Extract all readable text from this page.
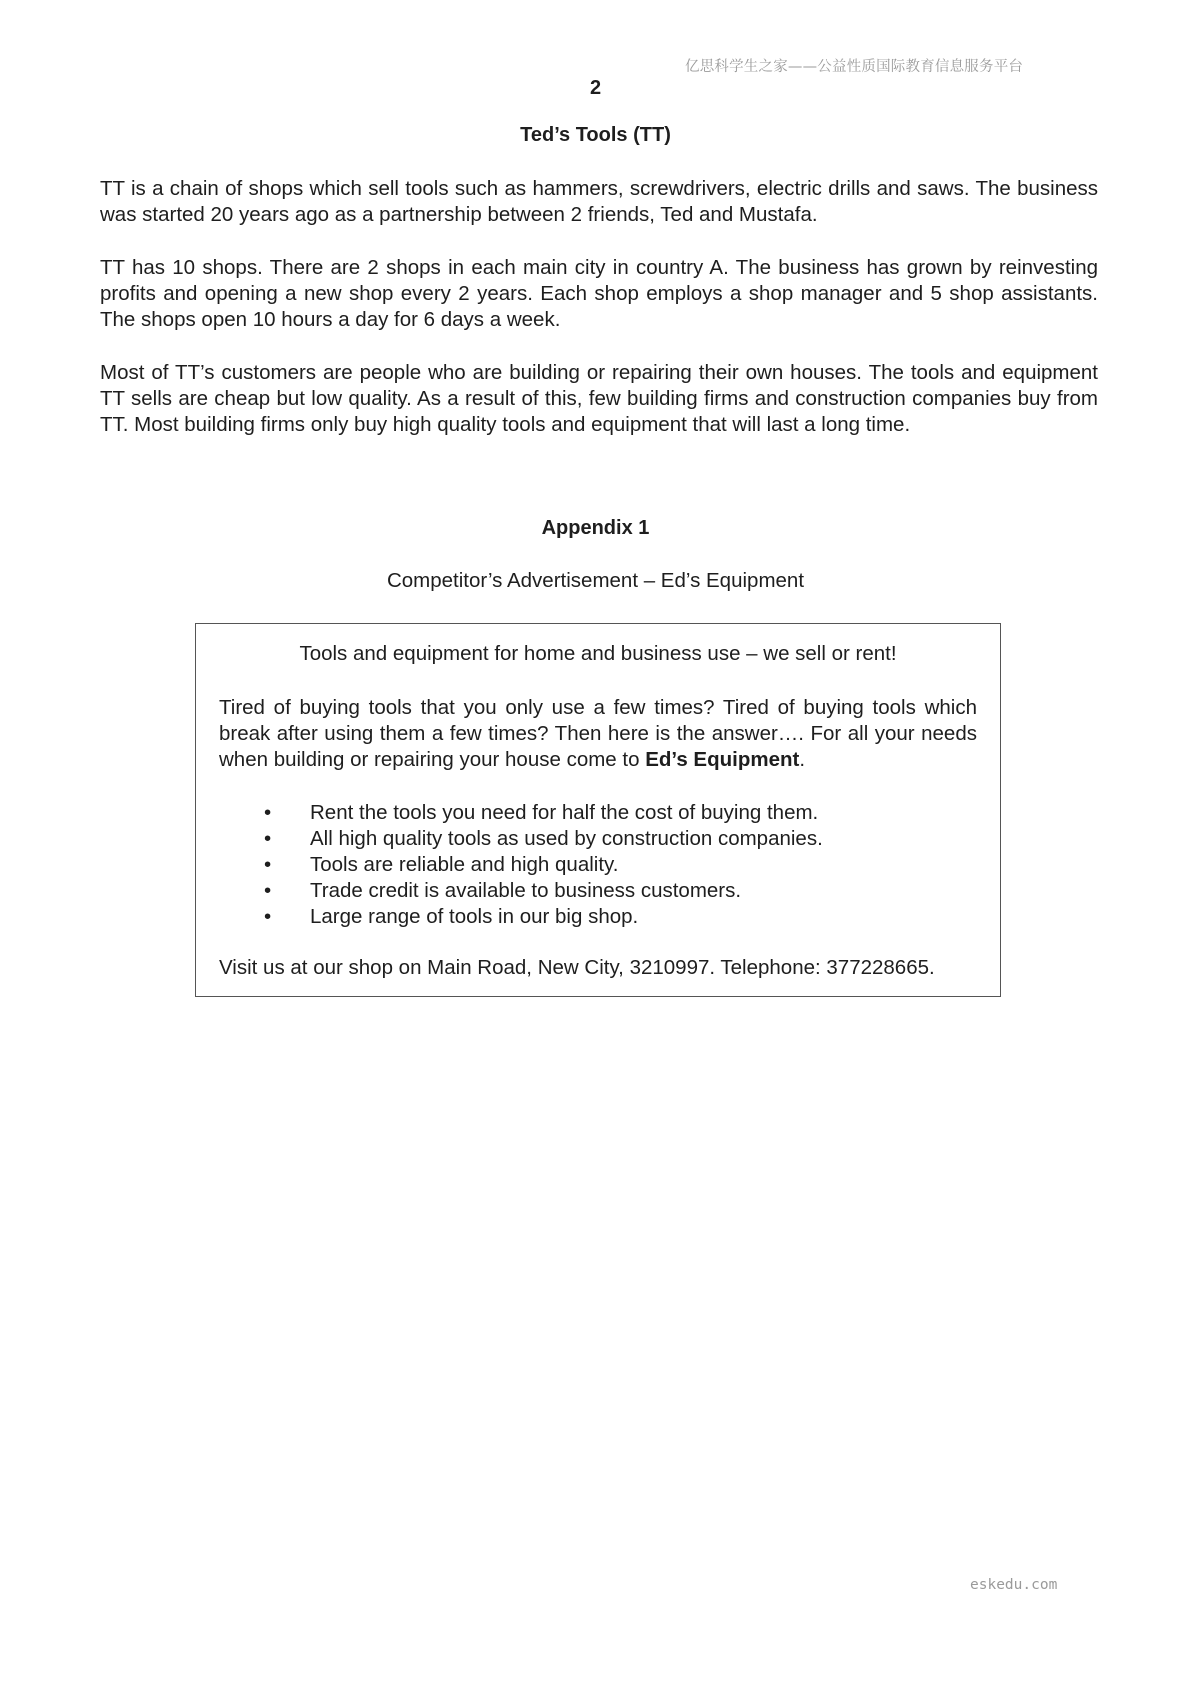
亿思科学生之家——公益性质国际教育信息服务平台
2
Ted’s Tools (TT)

TT is a chain of shops which sell tools such as hammers, screwdrivers, electric drills and saws. The business was started 20 years ago as a partnership between 2 friends, Ted and Mustafa.

TT has 10 shops. There are 2 shops in each main city in country A. The business has grown by reinvesting profits and opening a new shop every 2 years. Each shop employs a shop manager and 5 shop assistants. The shops open 10 hours a day for 6 days a week.

Most of TT’s customers are people who are building or repairing their own houses. The tools and equipment TT sells are cheap but low quality. As a result of this, few building firms and construction companies buy from TT. Most building firms only buy high quality tools and equipment that will last a long time.

Appendix 1
Competitor’s Advertisement – Ed’s Equipment
Tools and equipment for home and business use – we sell or rent!

Tired of buying tools that you only use a few times? Tired of buying tools which break after using them a few times? Then here is the answer…. For all your needs when building or repairing your house come to Ed’s Equipment.

• Rent the tools you need for half the cost of buying them.
• All high quality tools as used by construction companies.
• Tools are reliable and high quality.
• Trade credit is available to business customers.
• Large range of tools in our big shop.
Visit us at our shop on Main Road, New City, 3210997. Telephone: 377228665.
eskedu.com
